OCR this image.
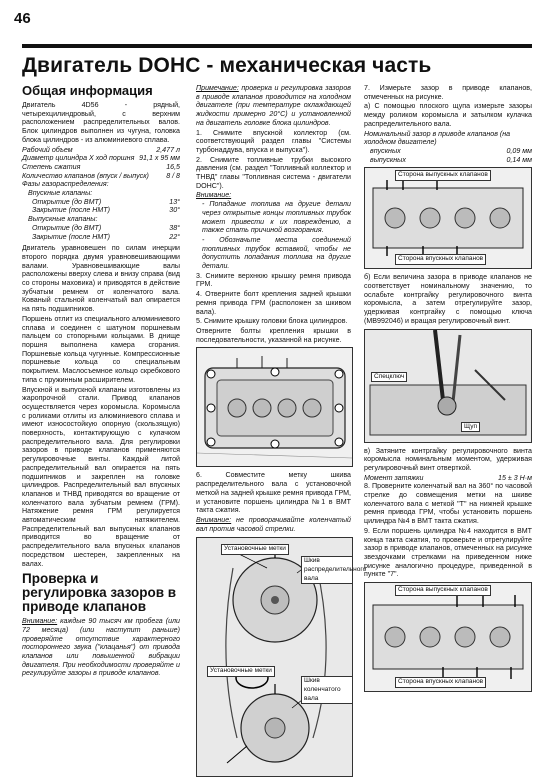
46
Двигатель DOHC - механическая часть
Общая информация

Двигатель 4D56 - рядный, четырехцилиндровый, с верхним расположением распределительных валов. Блок цилиндров выполнен из чугуна, головка блока цилиндров - из алюминиевого сплава.

Рабочий объем	2,477 л
Диаметр цилиндра Х ход поршня 91,1 x 95 мм
Степень сжатия	16,5
Количество клапанов (впуск / выпуск) 8 / 8
Фазы газораспределения:
Впускные клапаны:
Открытие (до ВМТ)	13°
Закрытие (после НМТ)	30°
Выпускные клапаны:
Открытие (до ВМТ)	38°
Закрытие (после НМТ)	22°

Двигатель уравновешен по силам инерции второго порядка двумя уравновешивающими валами. Уравновешивающие валы расположены вверху слева и внизу справа (вид со стороны маховика) и приводятся в действие зубчатым ремнем от коленчатого вала. Кованый стальной коленчатый вал опирается на пять подшипников.

Поршень отлит из специального алюминиевого сплава и соединен с шатуном поршневым пальцем со стопорными кольцами. В днище поршня выполнена камера сгорания. Поршневые кольца чугунные. Компрессионные поршневые кольца со специальным покрытием. Маслосъемное кольцо скребкового типа с пружинным расширителем.

Впускной и выпускной клапаны изготовлены из жаропрочной стали. Привод клапанов осуществляется через коромысла. Коромысла с роликами отлиты из алюминиевого сплава и имеют износостойкую опорную (скользящую) поверхность, контактирующую с кулачком распределительного вала. Для регулировки зазоров в приводе клапанов применяются регулировочные винты. Каждый литой распределительный вал опирается на пять подшипников и закреплен на головке цилиндров. Распределительный вал впускных клапанов и ТНВД приводятся во вращение от коленчатого вала зубчатым ремнем (ГРМ). Натяжение ремня ГРМ регулируется автоматическим натяжителем. Распределительный вал выпускных клапанов приводится во вращение от распределительного вала впускных клапанов посредством шестерен, закрепленных на валах.

Проверка и регулировка зазоров в приводе клапанов

Внимание: каждые 90 тысяч км пробега (или 72 месяца) (или наступит раньше) проверяйте отсутствие характерного постороннего звука ("клацанья") от привода клапанов или повышенной вибрации двигателя. При необходимости проверяйте и регулируйте зазоры в приводе клапанов.

Примечание: проверка и регулировка зазоров в приводе клапанов проводится на холодном двигателе (при температуре охлаждающей жидкости примерно 20°С) и установленной на двигатель головке блока цилиндров.

1. Снимите впускной коллектор (см. соответствующий раздел главы "Системы турбонаддува, впуска и выпуска").

2. Снимите топливные трубки высокого давления (см. раздел "Топливный коллектор и ТНВД" главы "Топливная система - двигатели DOHC").

Внимание:

- Попадание топлива на другие детали через открытые концы топливных трубок может привести к их повреждению, а также стать причиной возгорания.

- Обозначьте места соединений топливных трубок вставкой, чтобы не допустить попадания топлива на другие детали.

3. Снимите верхнюю крышку ремня привода ГРМ.

4. Отверните болт крепления задней крышки ремня привода ГРМ (расположен за шкивом вала).

5. Снимите крышку головки блока цилиндров.

Отверните болты крепления крышки в последовательности, указанной на рисунке.

6. Совместите метку шкива распределительного вала с установочной меткой на задней крышке ремня привода ГРМ, и установите поршень цилиндра №1 в ВМТ такта сжатия.

Внимание: не проворачивайте коленчатый вал против часовой стрелки.

Установочные метки
Шкив распределительного вала
Установочные метки
Шкив коленчатого вала

7. Измерьте зазор в приводе клапанов, отмеченных на рисунке.

а) С помощью плоского щупа измерьте зазоры между роликом коромысла и затылком кулачка распределительного вала.

Номинальный зазор в приводе клапанов (на холодном двигателе)
впускных	0,09 мм
выпускных	0,14 мм
Сторона выпускных клапанов
Сторона впускных клапанов

б) Если величина зазора в приводе клапанов не соответствует номинальному значению, то ослабьте контргайку регулировочного винта коромысла, а затем отрегулируйте зазор, удерживая контргайку с помощью ключа (MB992046) и вращая регулировочный винт.

Спецключ
Щуп

в) Затяните контргайку регулировочного винта коромысла номинальным моментом, удерживая регулировочный винт отверткой.

Момент затяжки	15 ± 3 Н·м

8. Проверните коленчатый вал на 360° по часовой стрелке до совмещения метки на шкиве коленчатого вала с меткой "Т" на нижней крышке ремня привода ГРМ, чтобы установить поршень цилиндра №4 в ВМТ такта сжатия.

9. Если поршень цилиндра №4 находится в ВМТ конца такта сжатия, то проверьте и отрегулируйте зазор в приводе клапанов, отмеченных на рисунке звездочками стрелками на приведенном ниже рисунке аналогично процедуре, приведенной в пункте "7".

Сторона выпускных клапанов
Сторона впускных клапанов
